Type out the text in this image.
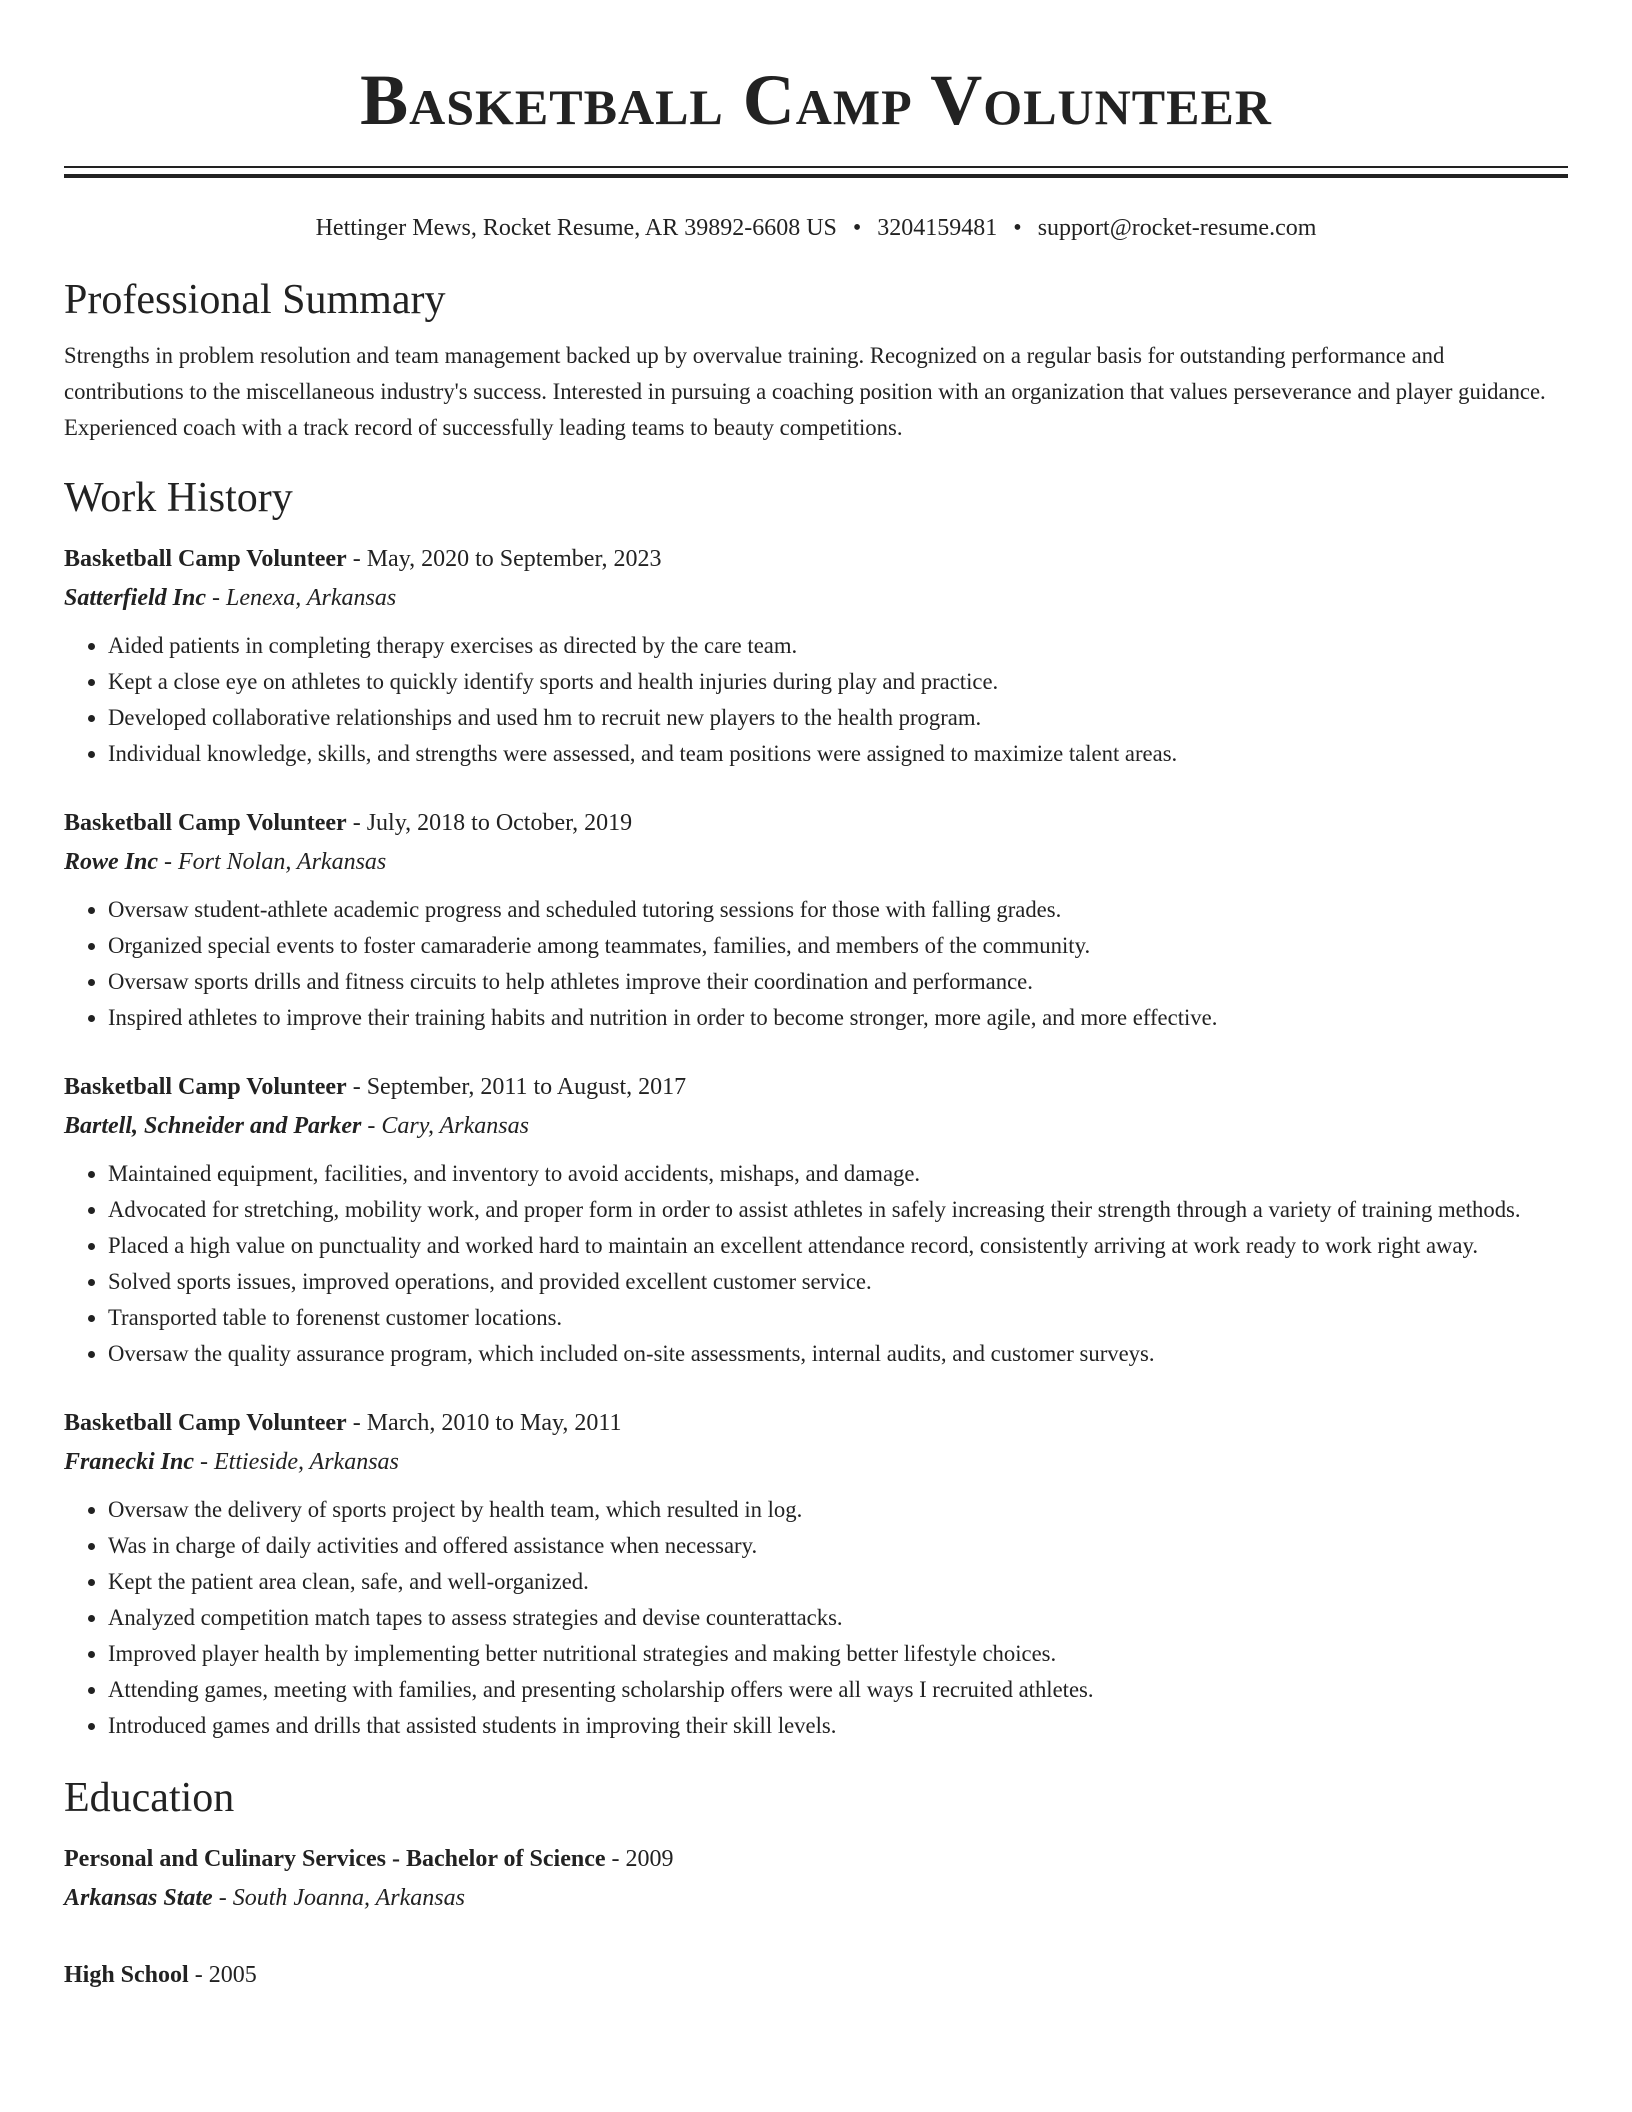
Basketball Camp Volunteer
Hettinger Mews, Rocket Resume, AR 39892-6608 US • 3204159481 • support@rocket-resume.com
Professional Summary

Strengths in problem resolution and team management backed up by overvalue training. Recognized on a regular basis for outstanding performance and contributions to the miscellaneous industry's success. Interested in pursuing a coaching position with an organization that values perseverance and player guidance. Experienced coach with a track record of successfully leading teams to beauty competitions.

Work History
Basketball Camp Volunteer - May, 2020 to September, 2023
Satterfield Inc - Lenexa, Arkansas
• Aided patients in completing therapy exercises as directed by the care team.
• Kept a close eye on athletes to quickly identify sports and health injuries during play and practice.
• Developed collaborative relationships and used hm to recruit new players to the health program.
• Individual knowledge, skills, and strengths were assessed, and team positions were assigned to maximize talent areas.
Basketball Camp Volunteer - July, 2018 to October, 2019
Rowe Inc - Fort Nolan, Arkansas
• Oversaw student-athlete academic progress and scheduled tutoring sessions for those with falling grades.
• Organized special events to foster camaraderie among teammates, families, and members of the community.
• Oversaw sports drills and fitness circuits to help athletes improve their coordination and performance.
• Inspired athletes to improve their training habits and nutrition in order to become stronger, more agile, and more effective.
Basketball Camp Volunteer - September, 2011 to August, 2017
Bartell, Schneider and Parker - Cary, Arkansas
• Maintained equipment, facilities, and inventory to avoid accidents, mishaps, and damage.
• Advocated for stretching, mobility work, and proper form in order to assist athletes in safely increasing their strength through a variety of training methods.
• Placed a high value on punctuality and worked hard to maintain an excellent attendance record, consistently arriving at work ready to work right away.
• Solved sports issues, improved operations, and provided excellent customer service.
• Transported table to forenenst customer locations.
• Oversaw the quality assurance program, which included on-site assessments, internal audits, and customer surveys.
Basketball Camp Volunteer - March, 2010 to May, 2011
Franecki Inc - Ettieside, Arkansas
• Oversaw the delivery of sports project by health team, which resulted in log.
• Was in charge of daily activities and offered assistance when necessary.
• Kept the patient area clean, safe, and well-organized.
• Analyzed competition match tapes to assess strategies and devise counterattacks.
• Improved player health by implementing better nutritional strategies and making better lifestyle choices.
• Attending games, meeting with families, and presenting scholarship offers were all ways I recruited athletes.
• Introduced games and drills that assisted students in improving their skill levels.
Education
Personal and Culinary Services - Bachelor of Science - 2009
Arkansas State - South Joanna, Arkansas
High School - 2005
